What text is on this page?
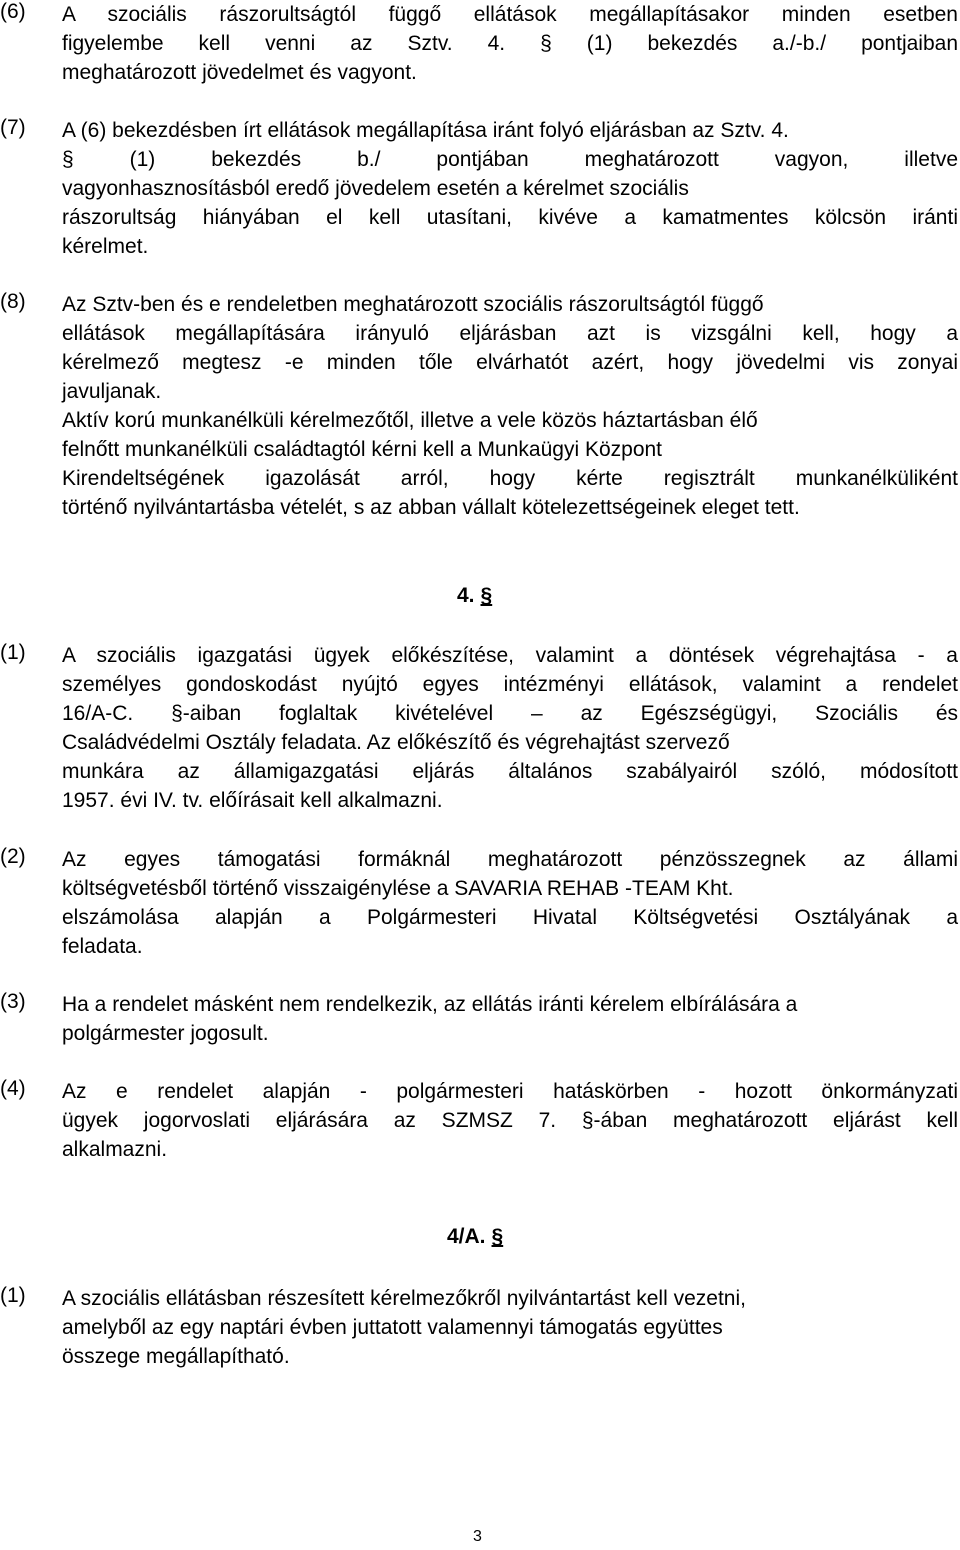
(6) A szociális rászorultságtól függő ellátások megállapításakor minden esetben
figyelembe kell venni az Sztv. 4. § (1) bekezdés a./-b./ pontjaiban
meghatározott jövedelmet és vagyont.
(7) A (6) bekezdésben írt ellátások megállapítása iránt folyó eljárásban az Sztv. 4.
§ (1) bekezdés b./ pontjában meghatározott vagyon, illetve
vagyonhasznosításból eredő jövedelem esetén a kérelmet szociális
rászorultság hiányában el kell utasítani, kivéve a kamatmentes kölcsön iránti
kérelmet.
(8) Az Sztv-ben és e rendeletben meghatározott szociális rászorultságtól függő
ellátások megállapítására irányuló eljárásban azt is vizsgálni kell, hogy a
kérelmező megtesz -e minden tőle elvárhatót azért, hogy jövedelmi vis zonyai
javuljanak.
Aktív korú munkanélküli kérelmezőtől, illetve a vele közös háztartásban élő
felnőtt munkanélküli családtagtól kérni kell a Munkaügyi Központ
Kirendeltségének igazolását arról, hogy kérte regisztrált munkanélküliként
történő nyilvántartásba vételét, s az abban vállalt kötelezettségeinek eleget tett.
4. §
(1) A szociális igazgatási ügyek előkészítése, valamint a döntések végrehajtása - a
személyes gondoskodást nyújtó egyes intézményi ellátások, valamint a rendelet
16/A-C. §-aiban foglaltak kivételével – az Egészségügyi, Szociális és
Családvédelmi Osztály feladata. Az előkészítő és végrehajtást szervező
munkára az államigazgatási eljárás általános szabályairól szóló, módosított
1957. évi IV. tv. előírásait kell alkalmazni.
(2) Az egyes támogatási formáknál meghatározott pénzösszegnek az állami
költségvetésből történő visszaigénylése a SAVARIA REHAB -TEAM Kht.
elszámolása alapján a Polgármesteri Hivatal Költségvetési Osztályának a
feladata.
(3) Ha a rendelet másként nem rendelkezik, az ellátás iránti kérelem elbírálására a
polgármester jogosult.
(4) Az e rendelet alapján - polgármesteri hatáskörben - hozott önkormányzati
ügyek jogorvoslati eljárására az SZMSZ 7. §-ában meghatározott eljárást kell
alkalmazni.
4/A. §
(1) A szociális ellátásban részesített kérelmezőkről nyilvántartást kell vezetni,
amelyből az egy naptári évben juttatott valamennyi támogatás együttes
összege megállapítható.
3
